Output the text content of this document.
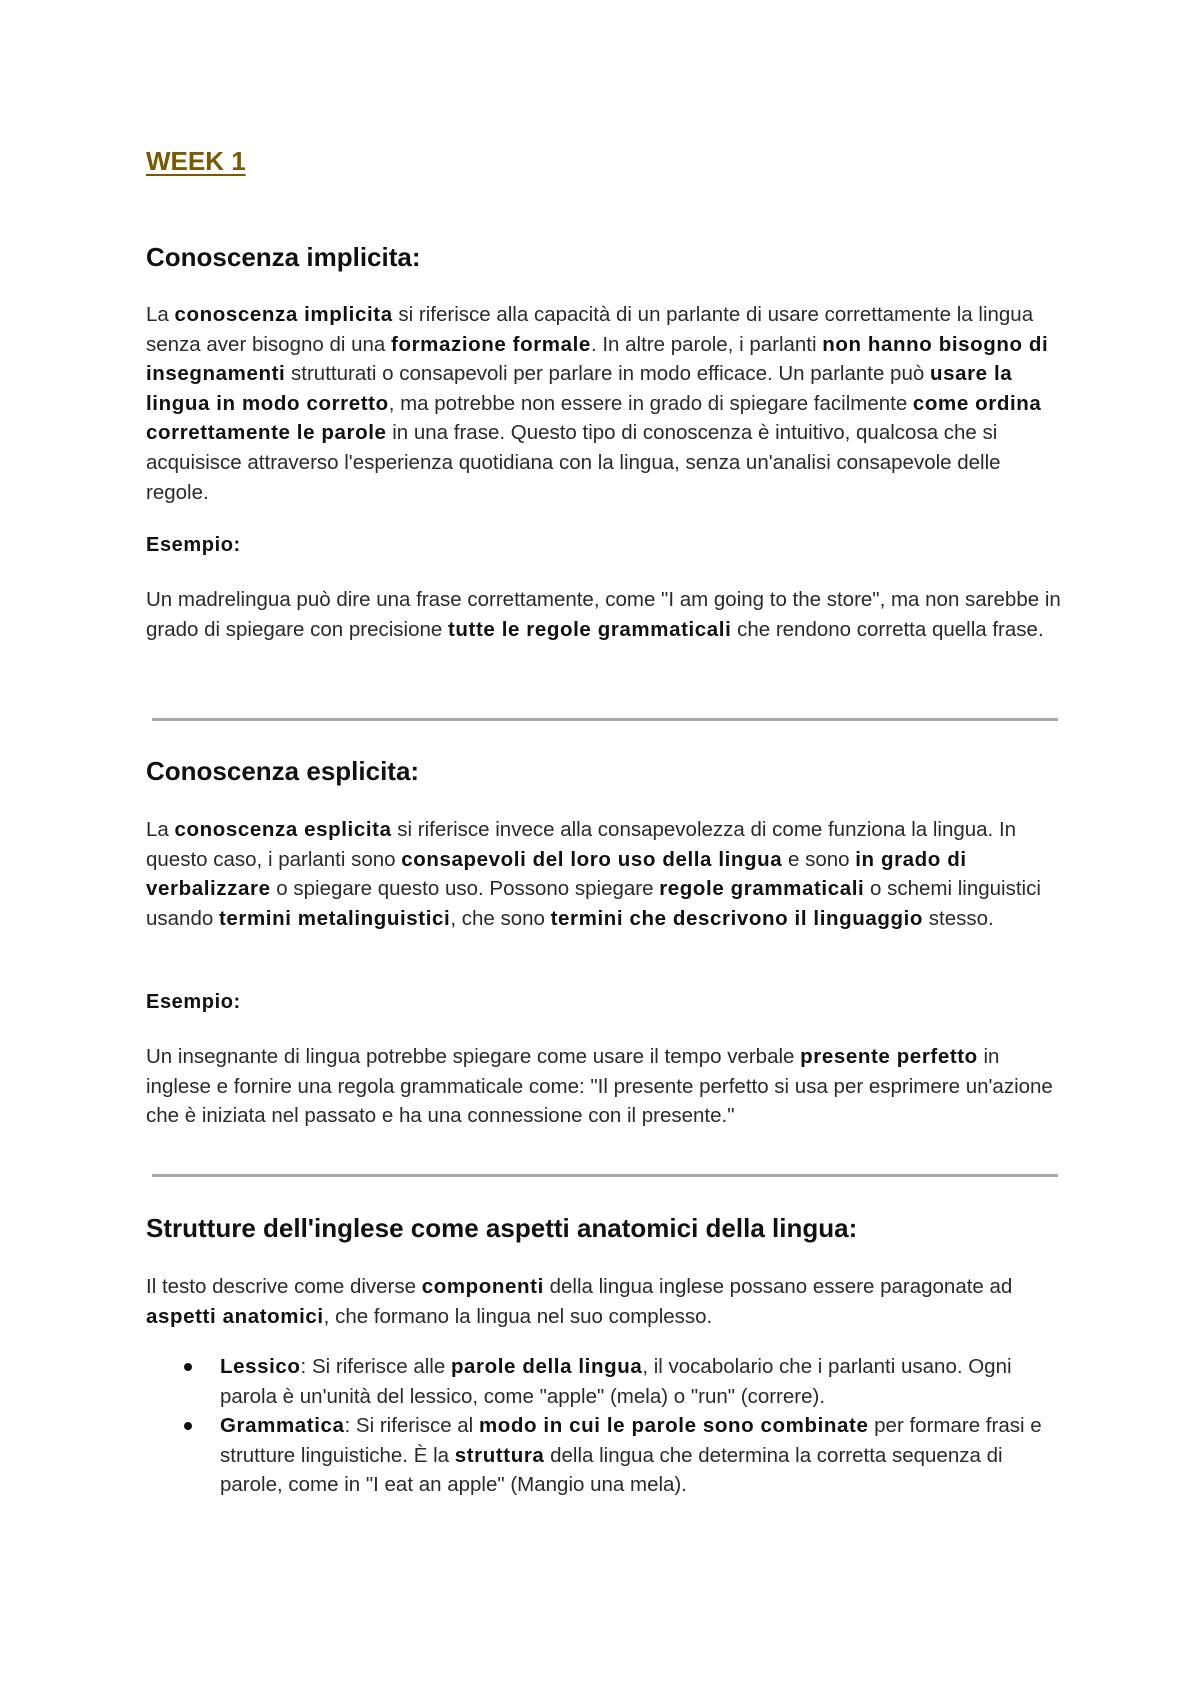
WEEK 1
Conoscenza implicita:

La conoscenza implicita si riferisce alla capacità di un parlante di usare correttamente la lingua senza aver bisogno di una formazione formale. In altre parole, i parlanti non hanno bisogno di insegnamenti strutturati o consapevoli per parlare in modo efficace. Un parlante può usare la lingua in modo corretto, ma potrebbe non essere in grado di spiegare facilmente come ordina correttamente le parole in una frase. Questo tipo di conoscenza è intuitivo, qualcosa che si acquisisce attraverso l'esperienza quotidiana con la lingua, senza un'analisi consapevole delle regole.

Esempio:

Un madrelingua può dire una frase correttamente, come "I am going to the store", ma non sarebbe in grado di spiegare con precisione tutte le regole grammaticali che rendono corretta quella frase.

Conoscenza esplicita:

La conoscenza esplicita si riferisce invece alla consapevolezza di come funziona la lingua. In questo caso, i parlanti sono consapevoli del loro uso della lingua e sono in grado di verbalizzare o spiegare questo uso. Possono spiegare regole grammaticali o schemi linguistici usando termini metalinguistici, che sono termini che descrivono il linguaggio stesso.

Esempio:

Un insegnante di lingua potrebbe spiegare come usare il tempo verbale presente perfetto in inglese e fornire una regola grammaticale come: "Il presente perfetto si usa per esprimere un'azione che è iniziata nel passato e ha una connessione con il presente."

Strutture dell'inglese come aspetti anatomici della lingua:

Il testo descrive come diverse componenti della lingua inglese possano essere paragonate ad aspetti anatomici, che formano la lingua nel suo complesso.

Lessico: Si riferisce alle parole della lingua, il vocabolario che i parlanti usano. Ogni parola è un'unità del lessico, come "apple" (mela) o "run" (correre).
Grammatica: Si riferisce al modo in cui le parole sono combinate per formare frasi e strutture linguistiche. È la struttura della lingua che determina la corretta sequenza di parole, come in "I eat an apple" (Mangio una mela).
